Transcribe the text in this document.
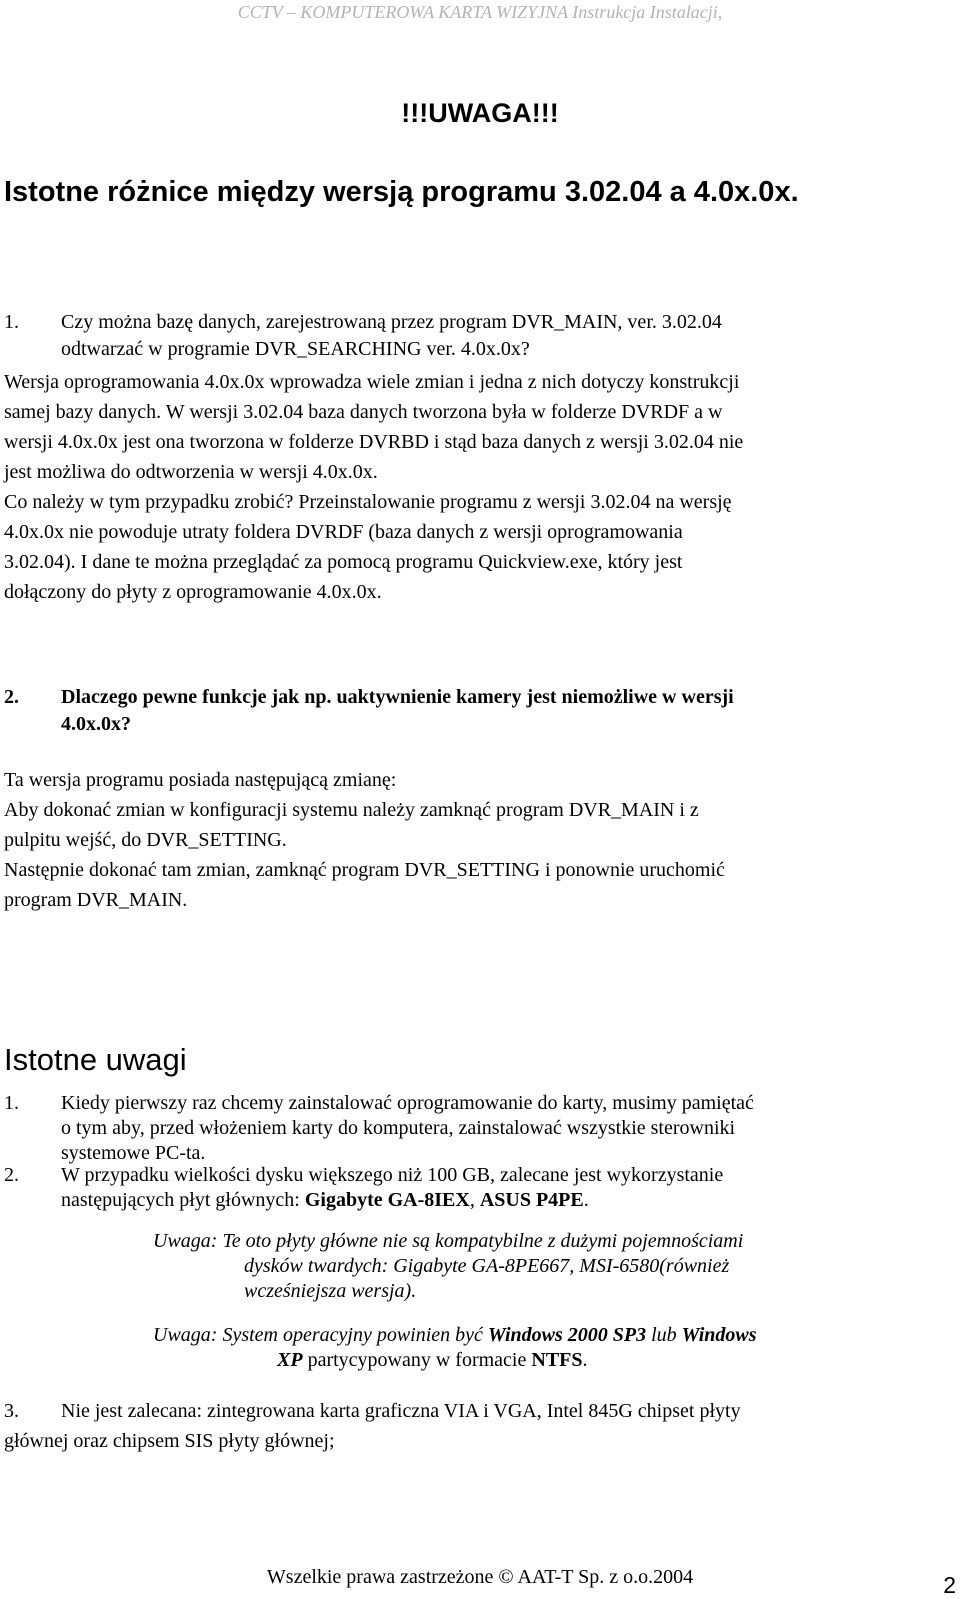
CCTV – KOMPUTEROWA KARTA WIZYJNA Instrukcja Instalacji,

!!!UWAGA!!!

Istotne różnice między wersją programu 3.02.04 a 4.0x.0x.

1. Czy można bazę danych, zarejestrowaną przez program DVR_MAIN, ver. 3.02.04
odtwarzać w programie DVR_SEARCHING ver. 4.0x.0x?
Wersja oprogramowania 4.0x.0x wprowadza wiele zmian i jedna z nich dotyczy konstrukcji
samej bazy danych. W wersji 3.02.04 baza danych tworzona była w folderze DVRDF a w
wersji 4.0x.0x jest ona tworzona w folderze DVRBD i stąd baza danych z wersji 3.02.04 nie
jest możliwa do odtworzenia w wersji 4.0x.0x.
Co należy w tym przypadku zrobić? Przeinstalowanie programu z wersji 3.02.04 na wersję
4.0x.0x nie powoduje utraty foldera DVRDF (baza danych z wersji oprogramowania
3.02.04). I dane te można przeglądać za pomocą programu Quickview.exe, który jest
dołączony do płyty z oprogramowanie 4.0x.0x.

2. Dlaczego pewne funkcje jak np. uaktywnienie kamery jest niemożliwe w wersji
4.0x.0x?
Ta wersja programu posiada następującą zmianę:
Aby dokonać zmian w konfiguracji systemu należy zamknąć program DVR_MAIN i z
pulpitu wejść, do DVR_SETTING.
Następnie dokonać tam zmian, zamknąć program DVR_SETTING i ponownie uruchomić
program DVR_MAIN.

Istotne uwagi

1. Kiedy pierwszy raz chcemy zainstalować oprogramowanie do karty, musimy pamiętać
o tym aby, przed włożeniem karty do komputera, zainstalować wszystkie sterowniki
systemowe PC-ta.

2. W przypadku wielkości dysku większego niż 100 GB, zalecane jest wykorzystanie
następujących płyt głównych: Gigabyte GA-8IEX, ASUS P4PE.
Uwaga: Te oto płyty główne nie są kompatybilne z dużymi pojemnościami
dysków twardych: Gigabyte GA-8PE667, MSI-6580(również
wcześniejsza wersja).
Uwaga: System operacyjny powinien być Windows 2000 SP3 lub Windows
XP partycypowany w formacie NTFS.

3. Nie jest zalecana: zintegrowana karta graficzna VIA i VGA, Intel 845G chipset płyty
głównej oraz chipsem SIS płyty głównej;

Wszelkie prawa zastrzeżone © AAT-T Sp. z o.o.2004	2
